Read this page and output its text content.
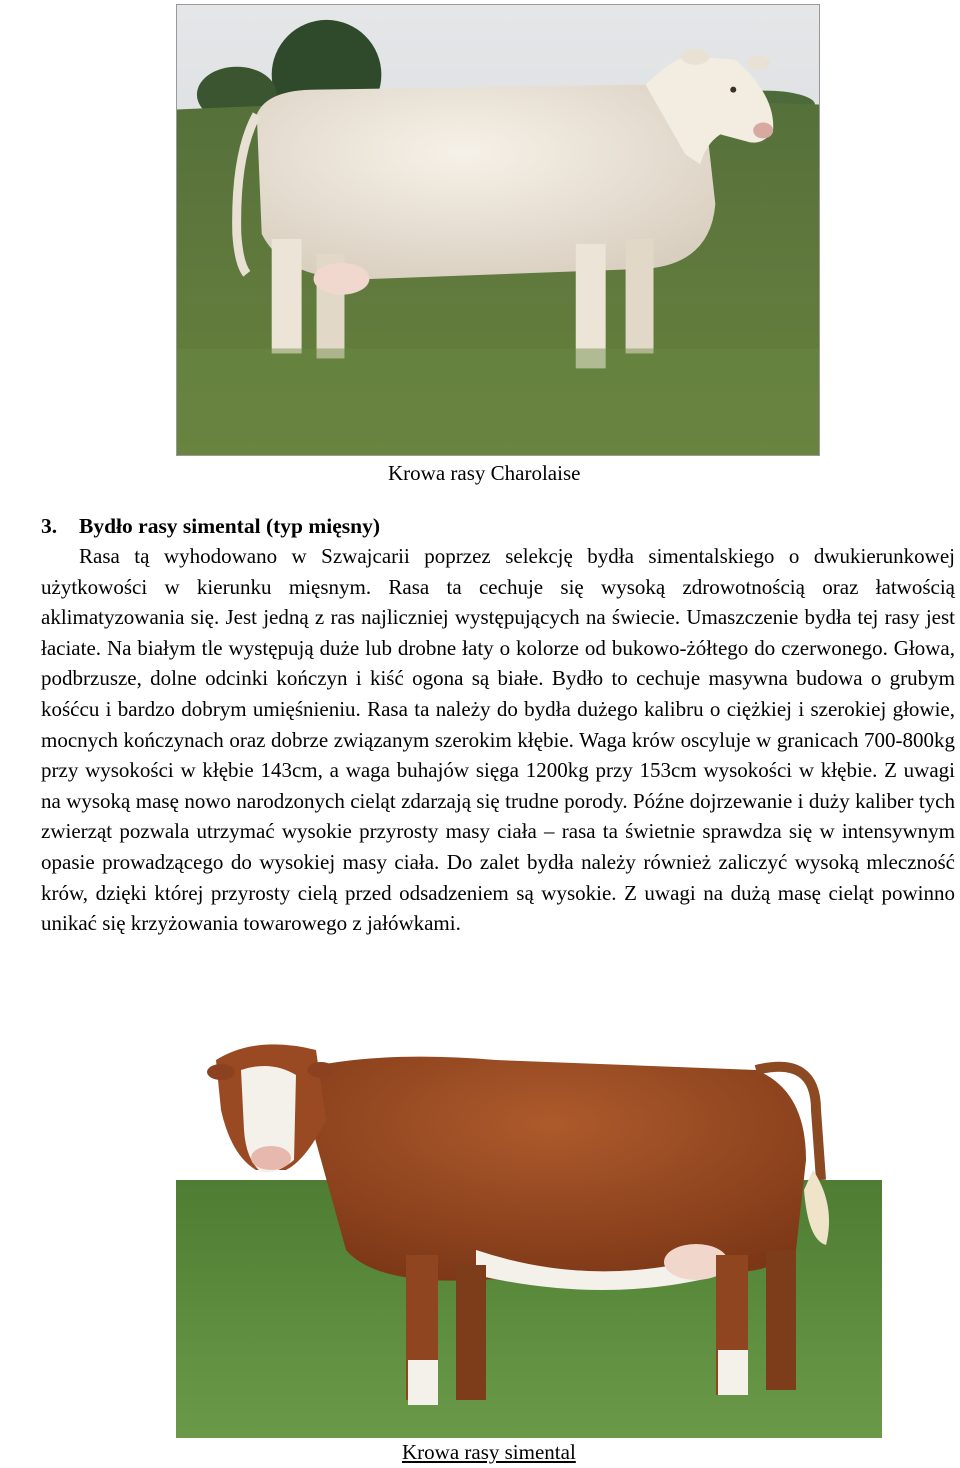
Krowa rasy Charolaise
3. Bydło rasy simental (typ mięsny)

Rasa tą wyhodowano w Szwajcarii poprzez selekcję bydła simentalskiego o dwukierunkowej użytkowości w kierunku mięsnym. Rasa ta cechuje się wysoką zdrowotnością oraz łatwością aklimatyzowania się. Jest jedną z ras najliczniej występujących na świecie. Umaszczenie bydła tej rasy jest łaciate. Na białym tle występują duże lub drobne łaty o kolorze od bukowo-żółtego do czerwonego. Głowa, podbrzusze, dolne odcinki kończyn i kiść ogona są białe. Bydło to cechuje masywna budowa o grubym kośćcu i bardzo dobrym umięśnieniu. Rasa ta należy do bydła dużego kalibru o ciężkiej i szerokiej głowie, mocnych kończynach oraz dobrze związanym szerokim kłębie. Waga krów oscyluje w granicach 700-800kg przy wysokości w kłębie 143cm, a waga buhajów sięga 1200kg przy 153cm wysokości w kłębie. Z uwagi na wysoką masę nowo narodzonych cieląt zdarzają się trudne porody. Późne dojrzewanie i duży kaliber tych zwierząt pozwala utrzymać wysokie przyrosty masy ciała – rasa ta świetnie sprawdza się w intensywnym opasie prowadzącego do wysokiej masy ciała. Do zalet bydła należy również zaliczyć wysoką mleczność krów, dzięki której przyrosty cielą przed odsadzeniem są wysokie. Z uwagi na dużą masę cieląt powinno unikać się krzyżowania towarowego z jałówkami.

Krowa rasy simental
